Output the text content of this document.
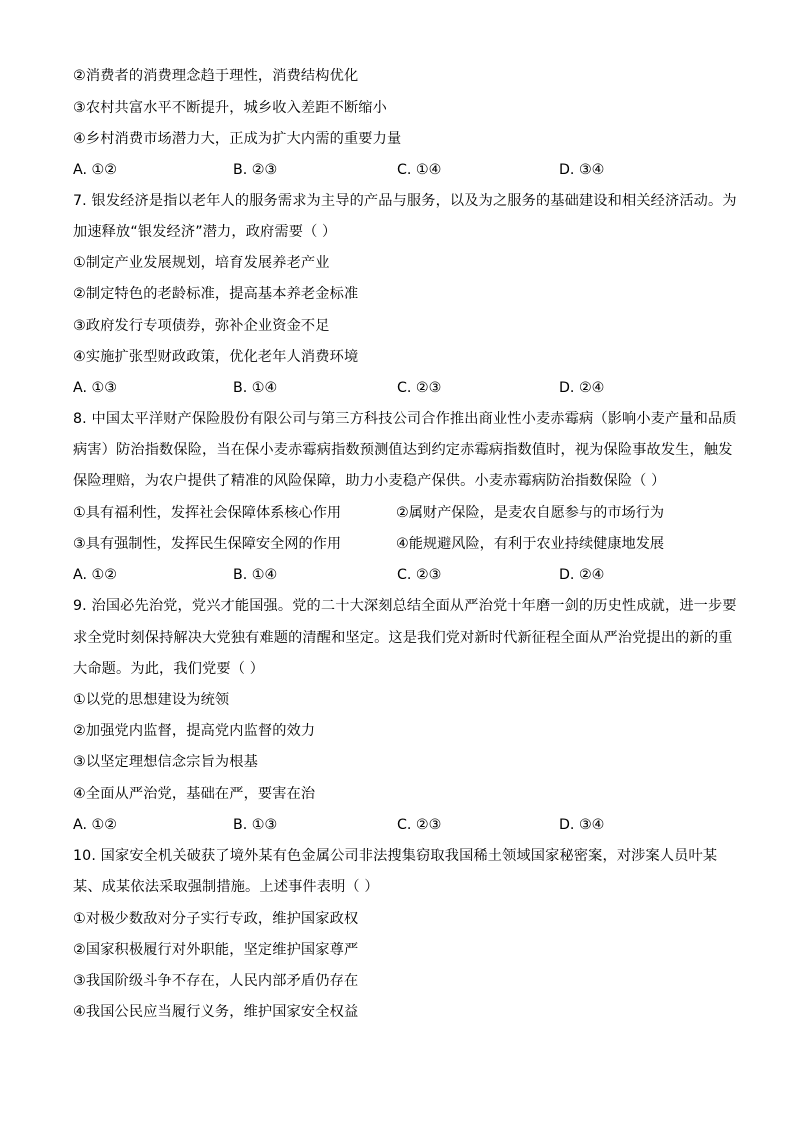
②消费者的消费理念趋于理性，消费结构优化
③农村共富水平不断提升，城乡收入差距不断缩小
④乡村消费市场潜力大，正成为扩大内需的重要力量
A. ①②	B. ②③	C. ①④	D. ③④
7. 银发经济是指以老年人的服务需求为主导的产品与服务，以及为之服务的基础建设和相关经济活动。为
加速释放“银发经济”潜力，政府需要（ ）
①制定产业发展规划，培育发展养老产业
②制定特色的老龄标准，提高基本养老金标准
③政府发行专项债券，弥补企业资金不足
④实施扩张型财政政策，优化老年人消费环境
A. ①③	B. ①④	C. ②③	D. ②④
8. 中国太平洋财产保险股份有限公司与第三方科技公司合作推出商业性小麦赤霉病（影响小麦产量和品质
病害）防治指数保险，当在保小麦赤霉病指数预测值达到约定赤霉病指数值时，视为保险事故发生，触发
保险理赔，为农户提供了精准的风险保障，助力小麦稳产保供。小麦赤霉病防治指数保险（ ）
①具有福利性，发挥社会保障体系核心作用	②属财产保险，是麦农自愿参与的市场行为
③具有强制性，发挥民生保障安全网的作用	④能规避风险，有利于农业持续健康地发展
A. ①②	B. ①④	C. ②③	D. ②④
9. 治国必先治党，党兴才能国强。党的二十大深刻总结全面从严治党十年磨一剑的历史性成就，进一步要
求全党时刻保持解决大党独有难题的清醒和坚定。这是我们党对新时代新征程全面从严治党提出的新的重
大命题。为此，我们党要（ ）
①以党的思想建设为统领
②加强党内监督，提高党内监督的效力
③以坚定理想信念宗旨为根基
④全面从严治党，基础在严，要害在治
A. ①②	B. ①③	C. ②③	D. ③④
10. 国家安全机关破获了境外某有色金属公司非法搜集窃取我国稀土领域国家秘密案，对涉案人员叶某
某、成某依法采取强制措施。上述事件表明（ ）
①对极少数敌对分子实行专政，维护国家政权
②国家积极履行对外职能，坚定维护国家尊严
③我国阶级斗争不存在，人民内部矛盾仍存在
④我国公民应当履行义务，维护国家安全权益
